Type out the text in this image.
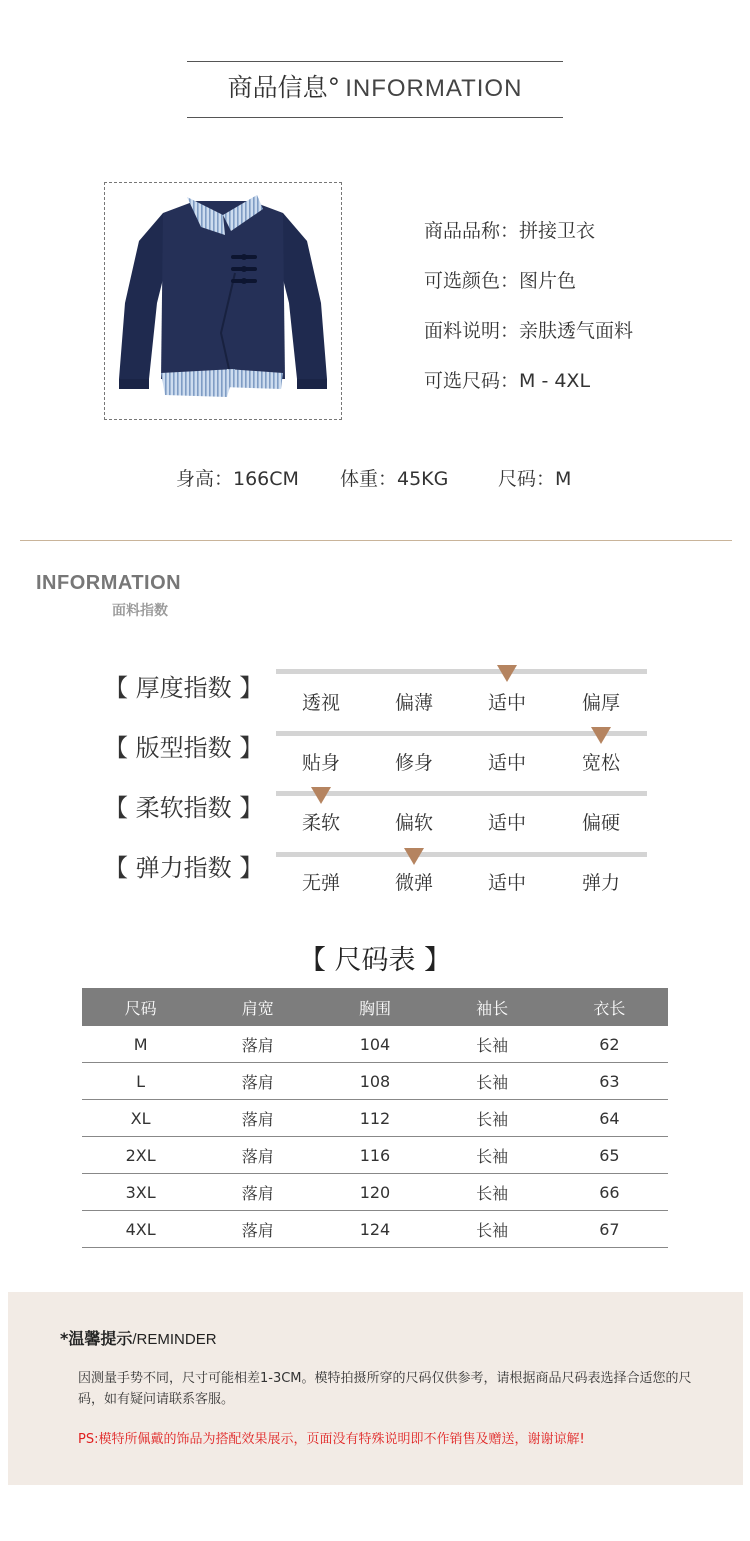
商品信息° INFORMATION
商品品称：拼接卫衣
可选颜色：图片色
面料说明：亲肤透气面料
可选尺码：M - 4XL
身高：166CM 体重：45KG	尺码：M
INFORMATION
面料指数
【 厚度指数 】
透视	偏薄	适中	偏厚
【 版型指数 】
贴身	修身	适中	宽松
【 柔软指数 】
柔软	偏软	适中	偏硬
【 弹力指数 】
无弹	微弹	适中	弹力
【 尺码表 】
尺码	肩宽	胸围	袖长	衣长
M	落肩	104	长袖	62
L	落肩	108	长袖	63
XL	落肩	112	长袖	64
2XL	落肩	116	长袖	65
3XL	落肩	120	长袖	66
4XL	落肩	124	长袖	67
*温馨提示/REMINDER
因测量手势不同，尺寸可能相差1-3CM。模特拍摄所穿的尺码仅供参考，请根据商品尺码表选择合适您的尺码，如有疑问请联系客服。
PS:模特所佩戴的饰品为搭配效果展示，页面没有特殊说明即不作销售及赠送，谢谢谅解!
